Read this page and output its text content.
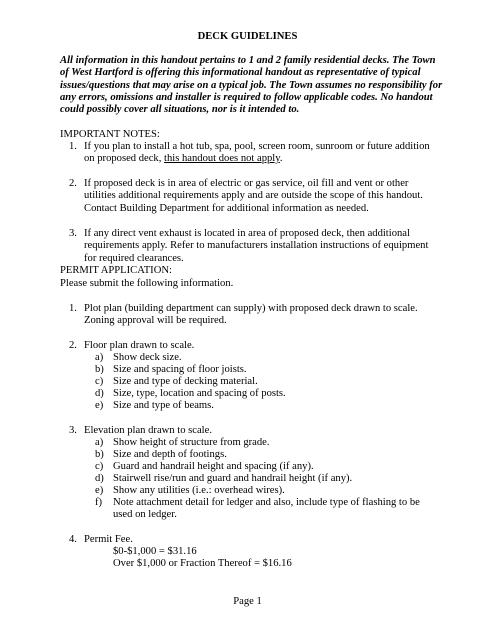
DECK GUIDELINES

All information in this handout pertains to 1 and 2 family residential decks. The Town of West Hartford is offering this informational handout as representative of typical issues/questions that may arise on a typical job. The Town assumes no responsibility for any errors, omissions and installer is required to follow applicable codes. No handout could possibly cover all situations, nor is it intended to.

IMPORTANT NOTES:

1. If you plan to install a hot tub, spa, pool, screen room, sunroom or future addition on proposed deck, this handout does not apply.

2. If proposed deck is in area of electric or gas service, oil fill and vent or other utilities additional requirements apply and are outside the scope of this handout. Contact Building Department for additional information as needed.

3. If any direct vent exhaust is located in area of proposed deck, then additional requirements apply. Refer to manufacturers installation instructions of equipment for required clearances.

PERMIT APPLICATION:

Please submit the following information.

1. Plot plan (building department can supply) with proposed deck drawn to scale. Zoning approval will be required.

2. Floor plan drawn to scale.

a) Show deck size.

b) Size and spacing of floor joists.

c) Size and type of decking material.

d) Size, type, location and spacing of posts.

e) Size and type of beams.

3. Elevation plan drawn to scale.

a) Show height of structure from grade.

b) Size and depth of footings.

c) Guard and handrail height and spacing (if any).

d) Stairwell rise/run and guard and handrail height (if any).

e) Show any utilities (i.e.: overhead wires).

f) Note attachment detail for ledger and also, include type of flashing to be used on ledger.

4. Permit Fee.

$0-$1,000 = $31.16
Over $1,000 or Fraction Thereof = $16.16
Page 1
